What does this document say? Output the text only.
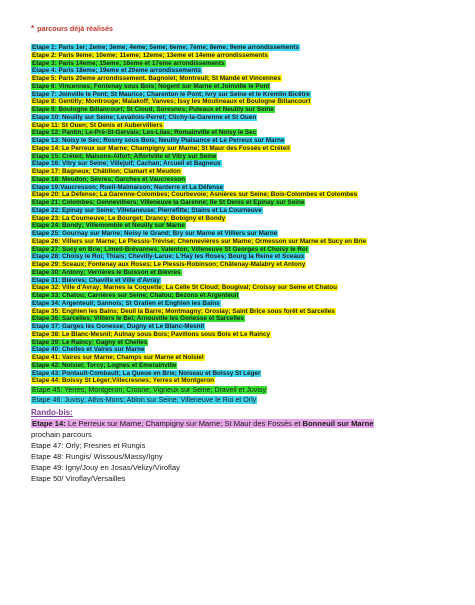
* parcours déjà réalisés
Etape 1: Paris 1er; 2eme; 3eme; 4eme; 5eme; 6eme; 7eme; 8eme; 9eme arrondissements
Etape 2: Paris 9eme; 10eme; 11eme; 12eme; 13eme et 14eme arrondissements
Etape 3: Paris 14eme; 15eme; 16eme et 17eme arrondissements
Etape 4: Paris 18eme; 19eme et 20eme arrondissements
Etape 5: Paris 20eme arrondissement. Bagnolet; Montreuil; St Mandé et Vincennes
Etape 6: Vincennes; Fontenay sous Bois; Nogent sur Marne et Joinville le Pont
Etape 7: Joinville le Pont; St Maurice; Charenton le Pont; Ivry sur Seine et le Kremlin Bicêtre
Etape 8: Gentilly; Montrouge; Malakoff; Vanves; Issy les Moulineaux et Boulogne Billancourt
Etape 9: Boulogne Billancourt; St Cloud; Suresnes; Puteaux et Neuilly sur Seine
Etape 10: Neuilly sur Seine; Levallois-Perret; Clichy-la-Garenne et St Ouen
Etape 11: St Ouen; St Denis et Aubervilliers
Etape 12: Pantin; Le-Pré-St-Gervais; Les-Lilas; Romainville et Noisy le Sec
Etape 13: Noisy le Sec; Rosny sous Bois; Neuilly Plaisance et Le Perreux sur Marne
Etape 14: Le Perreux sur Marne; Champigny sur Marne; St Maur des Fossés et Créteil
Etape 15: Créteil; Maisons-Alfort; Alfortville et Vitry sur Seine
Etape 16: Vitry sur Seine; Villejuif; Cachan; Arcueil et Bagneux
Etape 17: Bagneux; Châtillon; Clamart et Meudon
Etape 18: Meudon; Sèvres; Garches et Vaucresson
Etape 19:Vaucresson; Rueil-Malmaison; Nanterre et La Défense
Etape 20: La Défense; La Garenne-Colombes; Courbevoie; Asnières sur Seine; Bois-Colombes et Colombes
Etape 21: Colombes; Gennevilliers; Villeneuve la Garenne; Ile St Denis et Epinay sur Seine
Etape 22: Epinay sur Seine; Villetaneuse; Pierrefitte; Stains et La Courneuve
Etape 23: La Courneuve; Le Bourget; Drancy; Bobigny et Bondy
Etape 24: Bondy; Villemomble et Neuilly sur Marne
Etape 25: Gournay sur Marne; Noisy le Grand; Bry sur Marne et Villiers sur Marne
Etape 26: Villiers sur Marne; Le Plessis-Trévise; Chennevières sur Marne; Ormesson sur Marne et Sucy en Brie
Etape 27: Sucy en Brie; Limeil-Brévannes; Valenton; Villeneuve St Georges et Choisy le Roi
Etape 28: Choisy le Roi; Thiais; Chevilly-Larue; L'Haÿ les Roses; Bourg la Reine et Sceaux
Etape 29: Sceaux; Fontenay aux Roses; Le Plessis-Robinson; Châtenay-Malabry et Antony
Etape 30: Antony; Verrières le Buisson et Bièvres
Etape 31: Bièvres; Chaville et Ville d'Avray
Etape 32: Ville d'Avray; Marnes la Coquette; La Celle St Cloud; Bougival; Croissy sur Seine et Chatou
Etape 33: Chatou; Carrières sur Seine; Chatou; Bezons et Argenteuil
Etape 34: Argenteuil; Sannois; St Gratien et Enghien les Bains
Etape 35: Enghien les Bains; Deuil la Barre; Montmagny; Groslay; Saint Brice sous forêt et Sarcelles
Etape 36: Sarcelles; Villiers le Bel; Arnouville les Gonesse et Sarcelles
Etape 37: Garges lès Gonesse; Dugny et Le Blanc-Mesnil
Etape 38: Le Blanc-Mesnil; Aulnay sous Bois; Pavillons sous Bois et Le Raincy
Etape 39: Le Raincy; Gagny et Chelles
Etape 40: Chelles et Vaires sur Marne
Etape 41: Vaires sur Marne; Champs sur Marne et Noisiel
Etape 42: Noisiel; Torcy; Lognes et Emerainville
Etape 43: Pontault-Combault; La Queue en Brie; Noiseau et Boissy St Léger
Etape 44: Boissy St Léger;Villecresnes; Yerres et Montgeron
Etape 45: Yerres; Montgeron; Crosne; Vigneux sur Seine; Draveil et Juvisy
Etape 46: Juvisy; Athis-Mons; Ablon sur Seine; Villeneuve le Roi et Orly
Rando-bis:
Etape 14: Le Perreux sur Marne; Champigny sur Marne; St Maur des Fossés et Bonneuil sur Marne
prochain parcours
Etape 47: Orly; Fresnes et Rungis
Etape 48: Rungis/ Wissous/Massy/Igny
Etape 49: Igny/Jouy en Josas/Velizy/Viroflay
Etape 50/ Viroflay/Versailles
